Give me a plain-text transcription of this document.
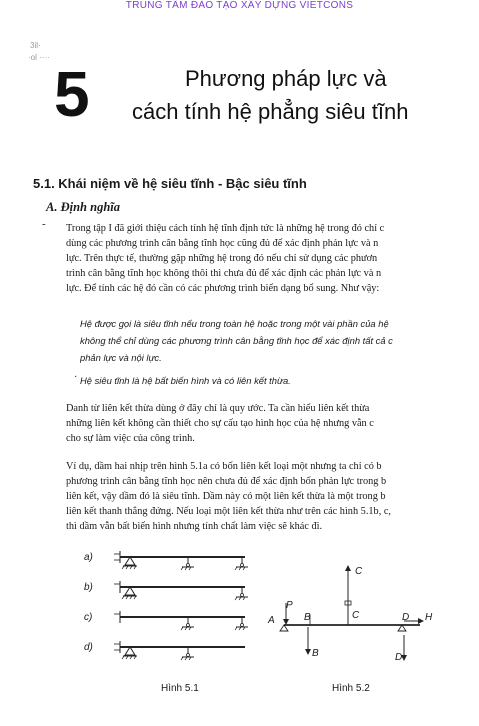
TRUNG TÂM ĐÀO TẠO XÂY DỰNG VIETCONS
3il·
·ol ····
5	Phương pháp lực và
cách tính hệ phẳng siêu tĩnh
5.1. Khái niệm về hệ siêu tĩnh - Bậc siêu tĩnh
A. Định nghĩa
- Trong tập I đã giới thiệu cách tính hệ tĩnh định tức là những hệ trong đó chỉ c
dùng các phương trình cân bằng tĩnh học cũng đủ để xác định phản lực và n
lực. Trên thực tế, thường gặp những hệ trong đó nếu chỉ sử dụng các phươn
trình cân bằng tĩnh học không thôi thì chưa đủ để xác định các phản lực và n
lực. Để tính các hệ đó cần có các phương trình biến dạng bổ sung. Như vậy:
Hệ được gọi là siêu tĩnh nếu trong toàn hệ hoặc trong một vài phần của hệ
không thể chỉ dùng các phương trình cân bằng tĩnh học để xác định tất cả c
phản lực và nội lực.
· Hệ siêu tĩnh là hệ bất biến hình và có liên kết thừa.
Danh từ liên kết thừa dùng ở đây chỉ là quy ước. Ta cần hiểu liên kết thừa
những liên kết không cần thiết cho sự cấu tạo hình học của hệ nhưng vẫn c
cho sự làm việc của công trình.
Ví dụ, dầm hai nhịp trên hình 5.1a có bốn liên kết loại một nhưng ta chỉ có b
phương trình cân bằng tĩnh học nên chưa đủ để xác định bốn phản lực trong b
liên kết, vậy dầm đó là siêu tĩnh. Dầm này có một liên kết thừa là một trong b
liên kết thanh thẳng đứng. Nếu loại một liên kết thừa như trên các hình 5.1b, c,
thì dầm vẫn bất biến hình nhưng tính chất làm việc sẽ khác đi.
a)
b)
c)
d)
Hình 5.1
A
P
B
B
C
C	D
D
H
Hình 5.2
